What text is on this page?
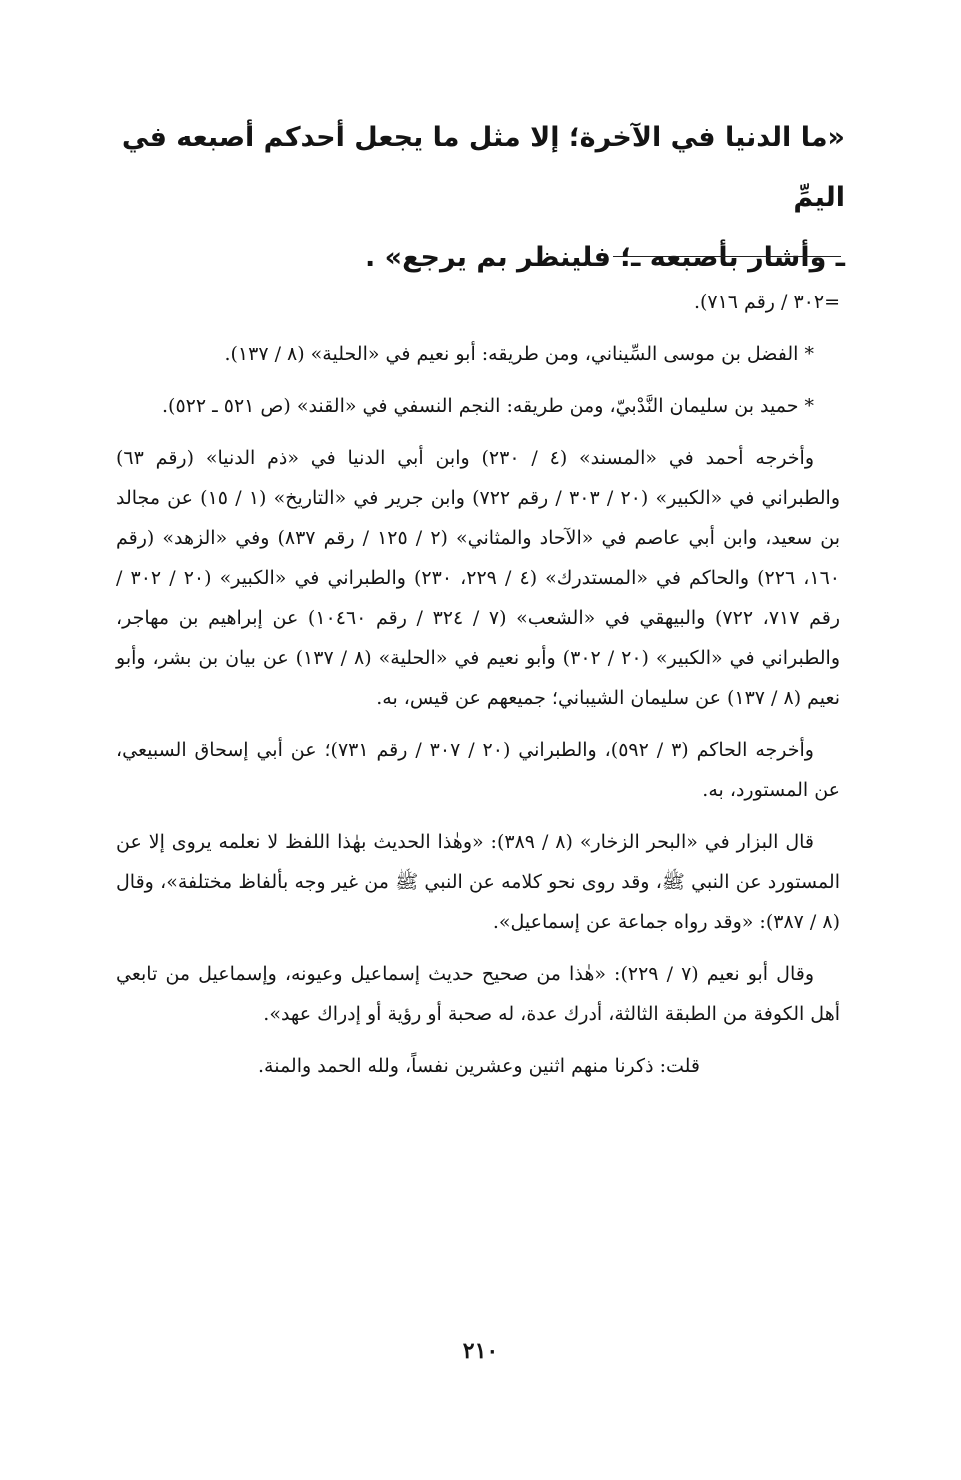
«ما الدنيا في الآخرة؛ إلا مثل ما يجعل أحدكم أصبعه في اليمِّ

ـ وأشار بأصبعه ـ؛ فلينظر بم يرجع» .

=٣٠٢ / رقم ٧١٦).

* الفضل بن موسى السِّيناني، ومن طريقه: أبو نعيم في «الحلية» (٨ / ١٣٧).

* حميد بن سليمان النَّدْبيّ، ومن طريقه: النجم النسفي في «القند» (ص ٥٢١ ـ ٥٢٢).

وأخرجه أحمد في «المسند» (٤ / ٢٣٠) وابن أبي الدنيا في «ذم الدنيا» (رقم ٦٣) والطبراني في «الكبير» (٢٠ / ٣٠٣ / رقم ٧٢٢) وابن جرير في «التاريخ» (١ / ١٥) عن مجالد بن سعيد، وابن أبي عاصم في «الآحاد والمثاني» (٢ / ١٢٥ / رقم ٨٣٧) وفي «الزهد» (رقم ١٦٠، ٢٢٦) والحاكم في «المستدرك» (٤ / ٢٢٩، ٢٣٠) والطبراني في «الكبير» (٢٠ / ٣٠٢ / رقم ٧١٧، ٧٢٢) والبيهقي في «الشعب» (٧ / ٣٢٤ / رقم ١٠٤٦٠) عن إبراهيم بن مهاجر، والطبراني في «الكبير» (٢٠ / ٣٠٢) وأبو نعيم في «الحلية» (٨ / ١٣٧) عن بيان بن بشر، وأبو نعيم (٨ / ١٣٧) عن سليمان الشيباني؛ جميعهم عن قيس، به.

وأخرجه الحاكم (٣ / ٥٩٢)، والطبراني (٢٠ / ٣٠٧ / رقم ٧٣١)؛ عن أبي إسحاق السبيعي، عن المستورد، به.

قال البزار في «البحر الزخار» (٨ / ٣٨٩): «وهٰذا الحديث بهٰذا اللفظ لا نعلمه يروى إلا عن المستورد عن النبي ﷺ، وقد روى نحو كلامه عن النبي ﷺ من غير وجه بألفاظ مختلفة»، وقال (٨ / ٣٨٧): «وقد رواه جماعة عن إسماعيل».

وقال أبو نعيم (٧ / ٢٢٩): «هٰذا من صحيح حديث إسماعيل وعيونه، وإسماعيل من تابعي أهل الكوفة من الطبقة الثالثة، أدرك عدة، له صحبة أو رؤية أو إدراك عهد».

قلت: ذكرنا منهم اثنين وعشرين نفساً، ولله الحمد والمنة.

٢١٠
